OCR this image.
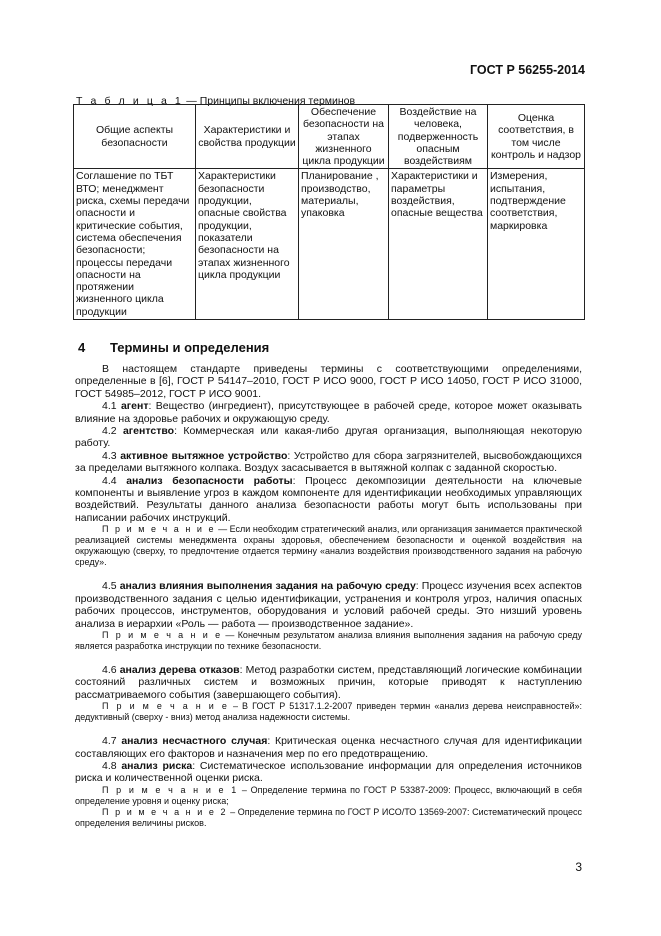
ГОСТ Р 56255-2014
Т а б л и ц а 1 — Принципы включения терминов
Общие аспекты безопасности	Характеристики и свойства продукции	Обеспечение безопасности на этапах жизненного цикла продукции	Воздействие на человека, подверженность опасным воздействиям	Оценка соответствия, в том числе контроль и надзор
Соглашение по ТБТ ВТО; менеджмент риска, схемы передачи опасности и критические события, система обеспечения безопасности; процессы передачи опасности на протяжении жизненного цикла продукции	Характеристики безопасности продукции, опасные свойства продукции, показатели безопасности на этапах жизненного цикла продукции	Планирование , производство, материалы, упаковка	Характеристики и параметры воздействия, опасные вещества	Измерения, испытания, подтверждение соответствия, маркировка
4 Термины и определения

В настоящем стандарте приведены термины с соответствующими определениями, определенные в [6], ГОСТ Р 54147–2010, ГОСТ Р ИСО 9000, ГОСТ Р ИСО 14050, ГОСТ Р ИСО 31000, ГОСТ 54985–2012, ГОСТ Р ИСО 9001.

4.1 агент: Вещество (ингредиент), присутствующее в рабочей среде, которое может оказывать влияние на здоровье рабочих и окружающую среду.

4.2 агентство: Коммерческая или какая-либо другая организация, выполняющая некоторую работу.

4.3 активное вытяжное устройство: Устройство для сбора загрязнителей, высвобождающихся за пределами вытяжного колпака. Воздух засасывается в вытяжной колпак с заданной скоростью.

4.4 анализ безопасности работы: Процесс декомпозиции деятельности на ключевые компоненты и выявление угроз в каждом компоненте для идентификации необходимых управляющих воздействий. Результаты данного анализа безопасности работы могут быть использованы при написании рабочих инструкций.

П р и м е ч а н и е — Если необходим стратегический анализ, или организация занимается практической реализацией системы менеджмента охраны здоровья, обеспечением безопасности и оценкой воздействия на окружающую (сверху, то предпочтение отдается термину «анализ воздействия производственного задания на рабочую среду».

4.5 анализ влияния выполнения задания на рабочую среду: Процесс изучения всех аспектов производственного задания с целью идентификации, устранения и контроля угроз, наличия опасных рабочих процессов, инструментов, оборудования и условий рабочей среды. Это низший уровень анализа в иерархии «Роль — работа — производственное задание».

П р и м е ч а н и е — Конечным результатом анализа влияния выполнения задания на рабочую среду является разработка инструкции по технике безопасности.

4.6 анализ дерева отказов: Метод разработки систем, представляющий логические комбинации состояний различных систем и возможных причин, которые приводят к наступлению рассматриваемого события (завершающего события).

П р и м е ч а н и е – В ГОСТ Р 51317.1.2-2007 приведен термин «анализ дерева неисправностей»: дедуктивный (сверху - вниз) метод анализа надежности системы.

4.7 анализ несчастного случая: Критическая оценка несчастного случая для идентификации составляющих его факторов и назначения мер по его предотвращению.

4.8 анализ риска: Систематическое использование информации для определения источников риска и количественной оценки риска.

П р и м е ч а н и е 1 – Определение термина по ГОСТ Р 53387-2009: Процесс, включающий в себя определение уровня и оценку риска;

П р и м е ч а н и е 2 – Определение термина по ГОСТ Р ИСО/ТО 13569-2007: Систематический процесс определения величины рисков.

3
